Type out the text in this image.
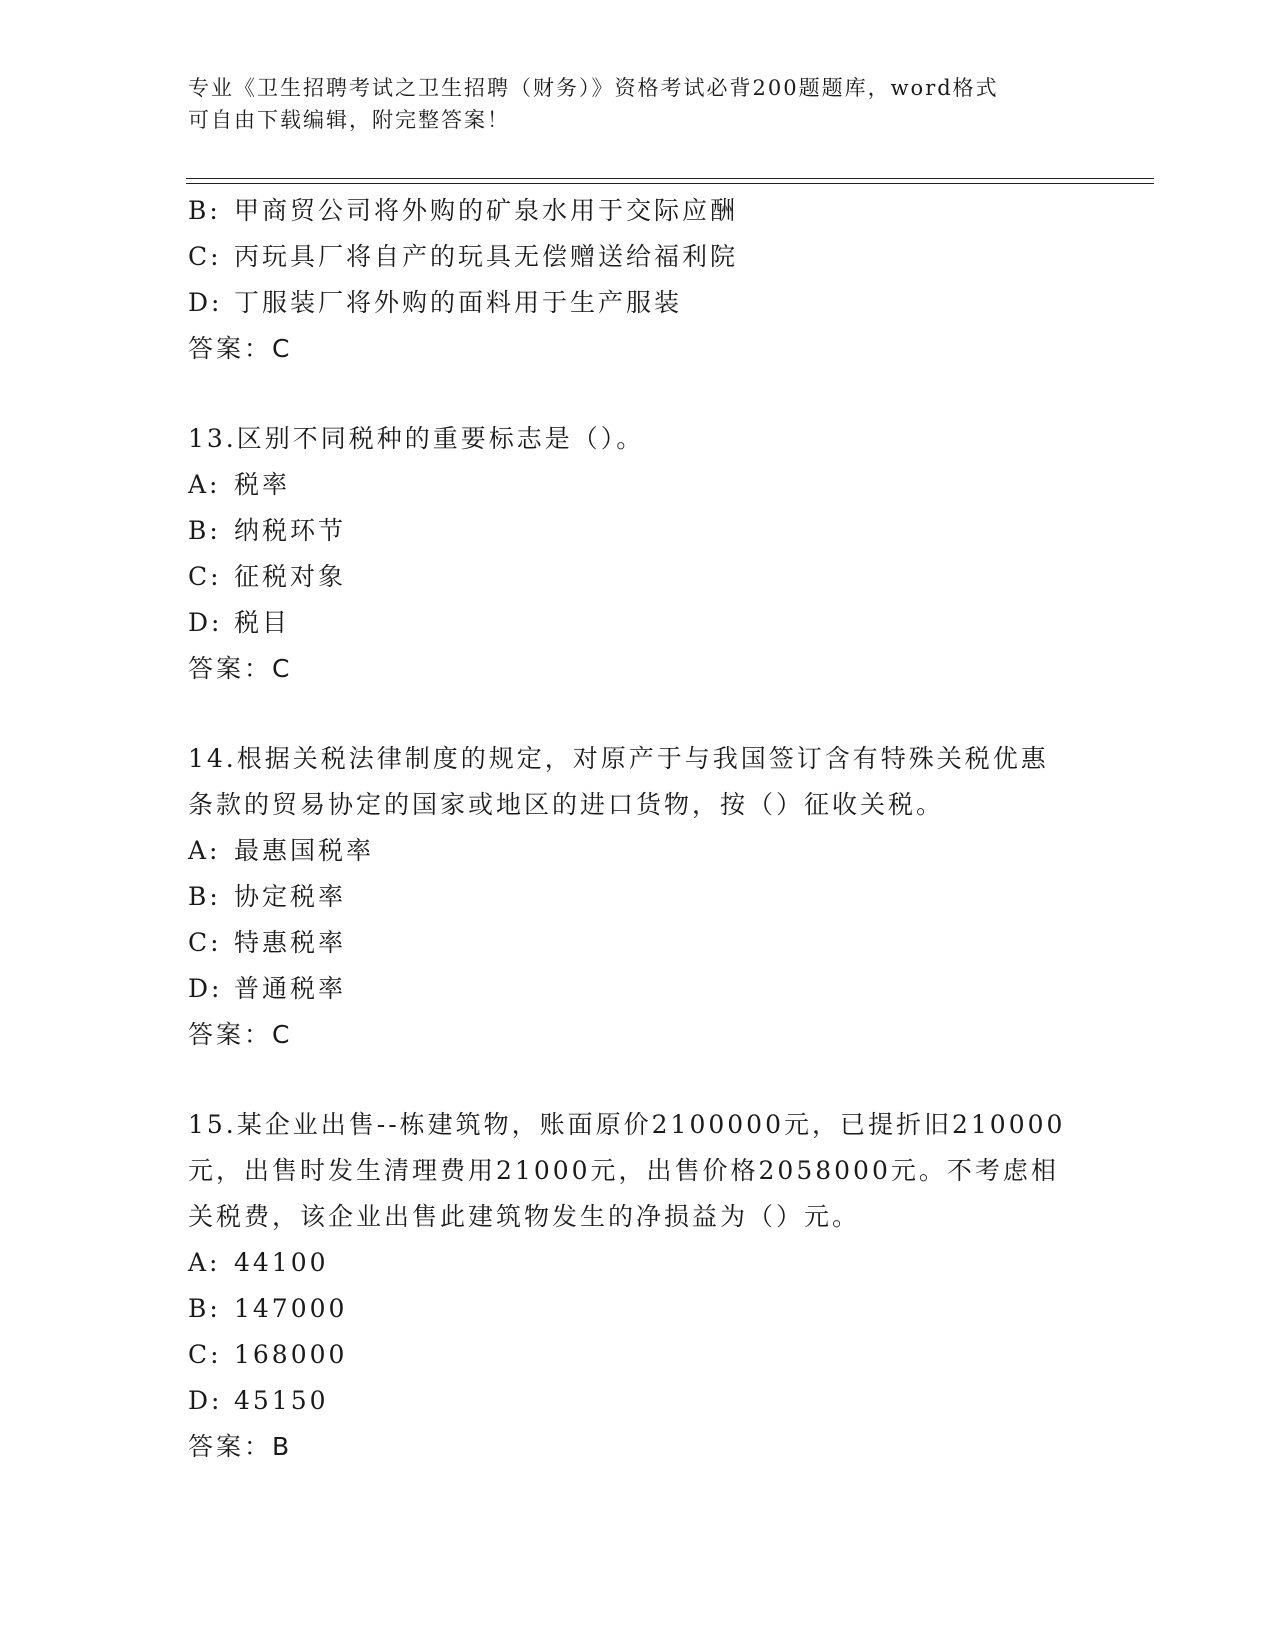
专业《卫生招聘考试之卫生招聘（财务）》资格考试必背200题题库，word格式
可自由下载编辑，附完整答案！
B: 甲商贸公司将外购的矿泉水用于交际应酬
C: 丙玩具厂将自产的玩具无偿赠送给福利院
D: 丁服装厂将外购的面料用于生产服装
答案：C
13.区别不同税种的重要标志是（）。
A: 税率
B: 纳税环节
C: 征税对象
D: 税目
答案：C
14.根据关税法律制度的规定，对原产于与我国签订含有特殊关税优惠
条款的贸易协定的国家或地区的进口货物，按（）征收关税。
A: 最惠国税率
B: 协定税率
C: 特惠税率
D: 普通税率
答案：C
15.某企业出售--栋建筑物，账面原价2100000元，已提折旧210000
元，出售时发生清理费用21000元，出售价格2058000元。不考虑相
关税费，该企业出售此建筑物发生的净损益为（）元。
A: 44100
B: 147000
C: 168000
D: 45150
答案：B
